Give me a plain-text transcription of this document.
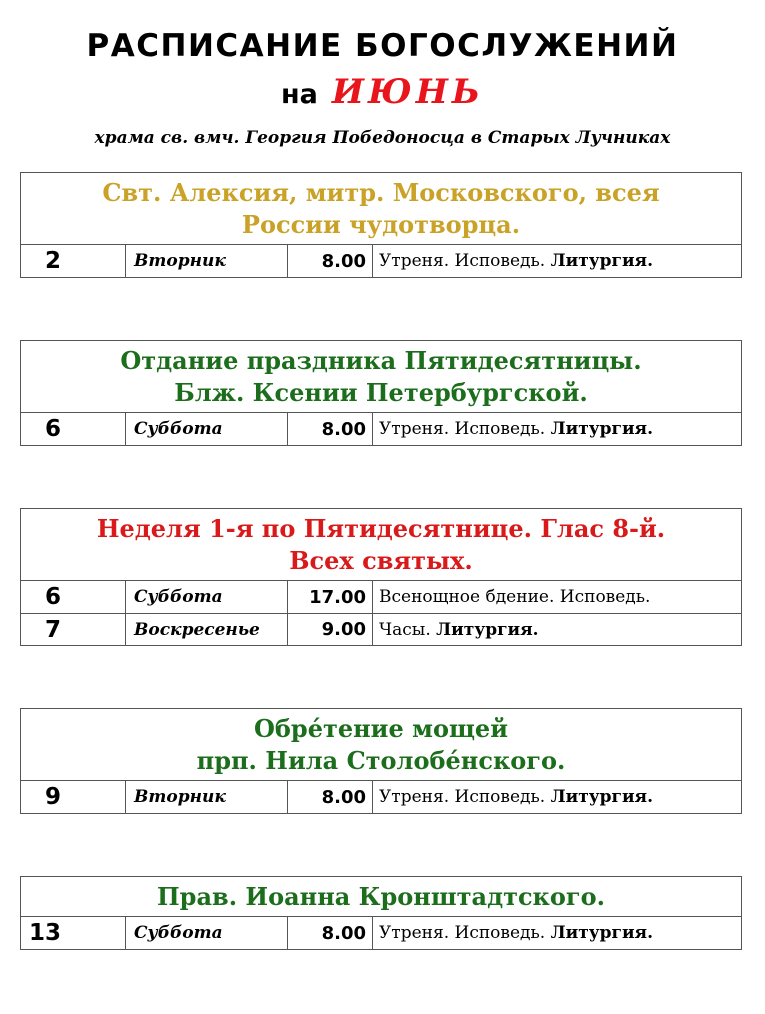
РАСПИСАНИЕ БОГОСЛУЖЕНИЙ
на ИЮНЬ
храма св. вмч. Георгия Победоносца в Старых Лучниках
Свт. Алексия, митр. Московского, всея
России чудотворца.
2	Вторник	8.00 Утреня. Исповедь.
Литургия.
Отдание праздника Пятидесятницы.
Блж. Ксении Петербургской.
6	Суббота	8.00 Утреня. Исповедь.
Литургия.
Неделя 1-я по Пятидесятнице. Глас 8-й.
Всех святых.
6	Суббота	17.00 Всенощное бдение. Исповедь.
7	Воскресенье	9.00 Часы.
Литургия.
Обре́тение мощей
прп. Нила Столобе́нского.
9	Вторник	8.00 Утреня. Исповедь.
Литургия.
Прав. Иоанна Кронштадтского.
13	Суббота	8.00 Утреня. Исповедь.
Литургия.
